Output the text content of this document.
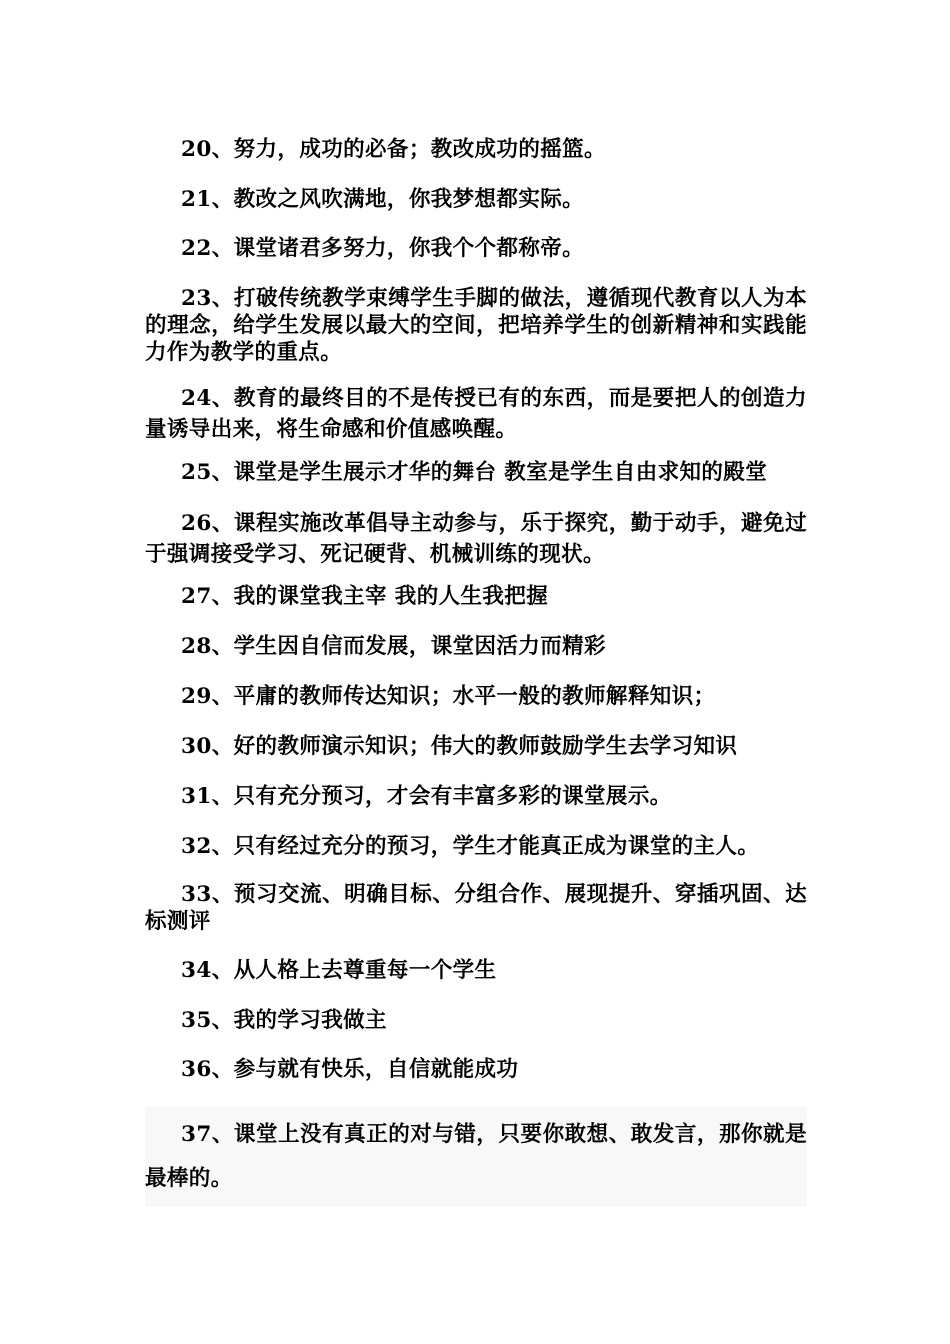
20、努力，成功的必备；教改成功的摇篮。

21、教改之风吹满地，你我梦想都实际。

22、课堂诸君多努力，你我个个都称帝。

23、打破传统教学束缚学生手脚的做法，遵循现代教育以人为本的理念，给学生发展以最大的空间，把培养学生的创新精神和实践能力作为教学的重点。

24、教育的最终目的不是传授已有的东西，而是要把人的创造力量诱导出来，将生命感和价值感唤醒。

25、课堂是学生展示才华的舞台 教室是学生自由求知的殿堂

26、课程实施改革倡导主动参与，乐于探究，勤于动手，避免过于强调接受学习、死记硬背、机械训练的现状。

27、我的课堂我主宰 我的人生我把握

28、学生因自信而发展，课堂因活力而精彩

29、平庸的教师传达知识；水平一般的教师解释知识；

30、好的教师演示知识；伟大的教师鼓励学生去学习知识

31、只有充分预习，才会有丰富多彩的课堂展示。

32、只有经过充分的预习，学生才能真正成为课堂的主人。

33、预习交流、明确目标、分组合作、展现提升、穿插巩固、达标测评

34、从人格上去尊重每一个学生

35、我的学习我做主

36、参与就有快乐，自信就能成功

37、课堂上没有真正的对与错，只要你敢想、敢发言，那你就是最棒的。
